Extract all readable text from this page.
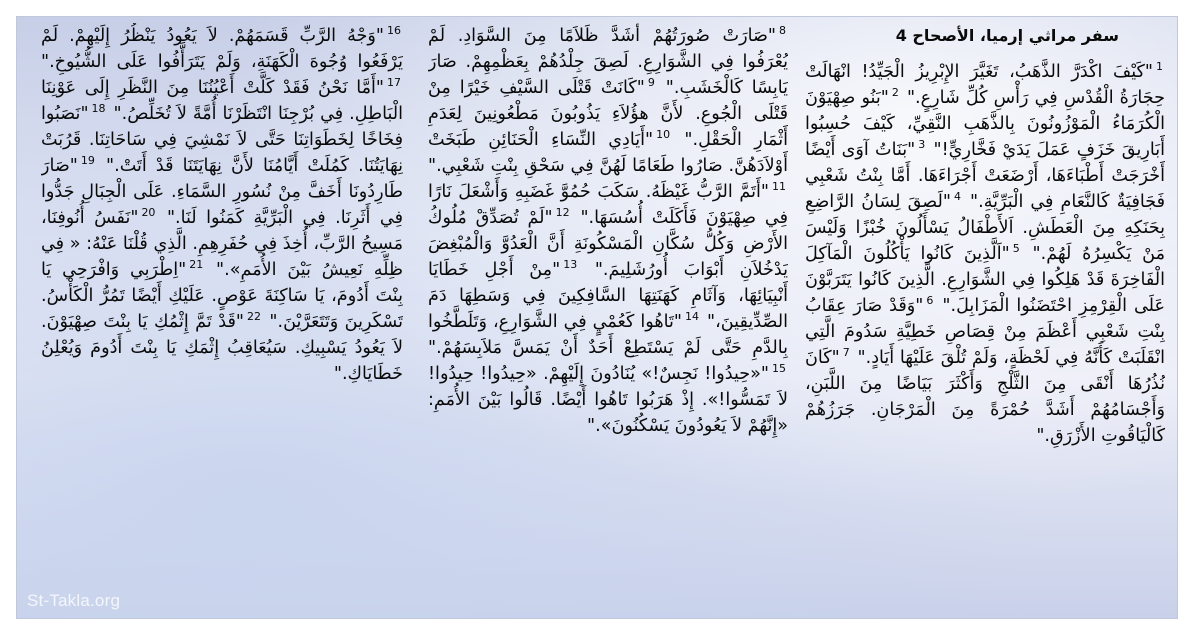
سفر مراثي إرميا، الأصحاح 4
$^1$"كَيْفَ اكْدَرَّ الذَّهَبُ، تَغَيَّرَ الإِبْرِيزُ الْجَيِّدُ! انْهَالَتْ حِجَارَةُ الْقُدْسِ فِي رَأْسِ كُلِّ شَارِعٍ." $^2$"بَنُو صِهْيَوْنَ الْكُرَمَاءُ الْمَوْزُونُونَ بِالذَّهَبِ النَّقِيِّ، كَيْفَ حُسِبُوا أَبَارِيقَ خَزَفٍ عَمَلَ يَدَيْ فَخَّارِيٍّ!" $^3$"بَنَاتُ آوَى أَيْضًا أَخْرَجَتْ أَطْبَاءَهَا، أَرْضَعَتْ أَجْرَاءَهَا. أَمَّا بِنْتُ شَعْبِي فَجَافِيَةٌ كَالنَّعَامِ فِي الْبَرِّيَّةِ." $^4$"لَصِقَ لِسَانُ الرَّاضِعِ بِحَنَكِهِ مِنَ الْعَطَشِ. اَلأَطْفَالُ يَسْأَلُونَ خُبْزًا وَلَيْسَ مَنْ يَكْسِرُهُ لَهُمْ." $^5$"اَلَّذِينَ كَانُوا يَأْكُلُونَ الْمَآكِلَ الْفَاخِرَةَ قَدْ هَلِكُوا فِي الشَّوَارِعِ. الَّذِينَ كَانُوا يَتَرَبَّوْنَ عَلَى الْقِرْمِزِ احْتَضَنُوا الْمَزَابِلَ." $^6$"وَقَدْ صَارَ عِقَابُ بِنْتِ شَعْبِي أَعْظَمَ مِنْ قِصَاصِ خَطِيَّةِ سَدُومَ الَّتِي انْقَلَبَتْ كَأَنَّهُ فِي لَحْظَةٍ، وَلَمْ تُلْقَ عَلَيْهَا أَيَادٍ." $^7$"كَانَ نُذُرُهَا أَنْقَى مِنَ الثَّلْجِ وَأَكْثَرَ بَيَاضًا مِنَ اللَّبَنِ، وَأَجْسَامُهُمْ أَشَدَّ حُمْرَةً مِنَ الْمَرْجَانِ. جَرَزُهُمْ كَالْيَاقُوتِ الأَزْرَقِ."
$^8$"صَارَتْ صُورَتُهُمْ أَشَدَّ ظَلاَمًا مِنَ السَّوَادِ. لَمْ يُعْرَفُوا فِي الشَّوَارِعِ. لَصِقَ جِلْدُهُمْ بِعَظْمِهِمْ. صَارَ يَابِسًا كَالْخَشَبِ." $^9$"كَانَتْ قَتْلَى السَّيْفِ خَيْرًا مِنْ قَتْلَى الْجُوعِ. لأَنَّ هؤُلاَءِ يَذُوبُونَ مَطْعُونِينَ لِعَدَمِ أَثْمَارِ الْحَقْلِ." $^{10}$"أَيَادِي النِّسَاءِ الْحَنَائِنِ طَبَخَتْ أَوْلاَدَهُنَّ. صَارُوا طَعَامًا لَهُنَّ فِي سَحْقِ بِنْتِ شَعْبِي." $^{11}$"أَتَمَّ الرَّبُّ غَيْظَهُ. سَكَبَ حُمُوَّ غَضَبِهِ وَأَشْعَلَ نَارًا فِي صِهْيَوْنَ فَأَكَلَتْ أُسُسَهَا." $^{12}$"لَمْ تُصَدِّقْ مُلُوكُ الأَرْضِ وَكُلُّ سُكَّانِ الْمَسْكُونَةِ أَنَّ الْعَدُوَّ وَالْمُبْغِضَ يَدْخُلاَنِ أَبْوَابَ أُورُشَلِيمَ." $^{13}$"مِنْ أَجْلِ خَطَايَا أَنْبِيَائِهَا، وَآثَامِ كَهَنَتِهَا السَّافِكِينَ فِي وَسَطِهَا دَمَ الصِّدِّيقِينَ،" $^{14}$"تَاهُوا كَعُمْيٍ فِي الشَّوَارِعِ، وَتَلَطَّخُوا بِالدَّمِ حَتَّى لَمْ يَسْتَطِعْ أَحَدٌ أَنْ يَمَسَّ مَلاَبِسَهُمْ." $^{15}$"«حِيدُوا! نَجِسٌ!» يُنَادُونَ إِلَيْهِمْ. «حِيدُوا! حِيدُوا! لاَ تَمَسُّوا!». إِذْ هَرَبُوا تَاهُوا أَيْضًا. قَالُوا بَيْنَ الأُمَمِ: «إِنَّهُمْ لاَ يَعُودُونَ يَسْكُنُونَ»."
$^{16}$"وَجْهُ الرَّبِّ قَسَمَهُمْ. لاَ يَعُودُ يَنْظُرُ إِلَيْهِمْ. لَمْ يَرْفَعُوا وُجُوهَ الْكَهَنَةِ، وَلَمْ يَتَرَأَّفُوا عَلَى الشُّيُوخِ." $^{17}$"أَمَّا نَحْنُ فَقَدْ كَلَّتْ أَعْيُنُنَا مِنَ النَّظَرِ إِلَى عَوْنِنَا الْبَاطِلِ. فِي بُرْجِنَا انْتَظَرْنَا أُمَّةً لاَ تُخَلِّصُ." $^{18}$"نَصَبُوا فِخَاخًا لِخَطَوَاتِنَا حَتَّى لاَ نَمْشِيَ فِي سَاحَاتِنَا. قَرُبَتْ نِهَايَتُنَا. كَمُلَتْ أَيَّامُنَا لأَنَّ نِهَايَتَنَا قَدْ أَتَتْ." $^{19}$"صَارَ طَارِدُونَا أَخَفَّ مِنْ نُسُورِ السَّمَاءِ. عَلَى الْجِبَالِ جَدُّوا فِي أَثَرِنَا. فِي الْبَرِّيَّةِ كَمَنُوا لَنَا." $^{20}$"نَفَسُ أُنُوفِنَا، مَسِيحُ الرَّبِّ، أُخِذَ فِي حُفَرِهِمِ. الَّذِي قُلْنَا عَنْهُ: « فِي ظِلِّهِ نَعِيشُ بَيْنَ الأُمَمِ»." $^{21}$"اِطْرَبِي وَافْرَحِي يَا بِنْتَ أَدُومَ، يَا سَاكِنَةَ عَوْصٍ. عَلَيْكِ أَيْضًا تَمُرُّ الْكَأْسُ. تَسْكَرِينَ وَتَتَعَرَّيْنَ." $^{22}$"قَدْ تَمَّ إِثْمُكِ يَا بِنْتَ صِهْيَوْنَ. لاَ يَعُودُ يَسْبِيكِ. سَيُعَاقِبُ إِثْمَكِ يَا بِنْتَ أَدُومَ وَيُعْلِنُ خَطَايَاكِ."
St-Takla.org
